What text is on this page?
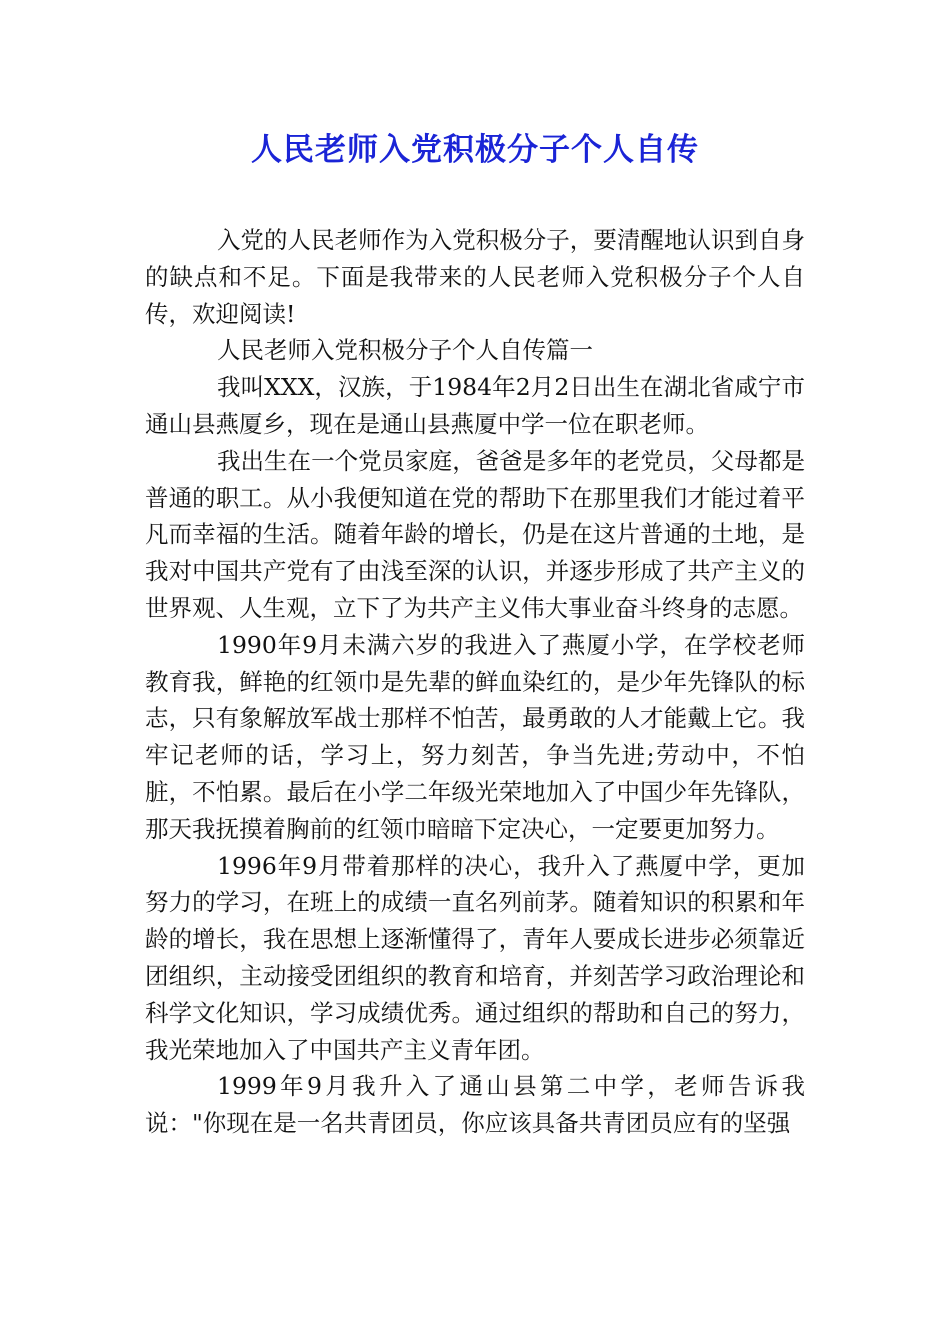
人民老师入党积极分子个人自传

入党的人民老师作为入党积极分子，要清醒地认识到自身的缺点和不足。下面是我带来的人民老师入党积极分子个人自传，欢迎阅读!

人民老师入党积极分子个人自传篇一

我叫XXX，汉族，于1984年2月2日出生在湖北省咸宁市通山县燕厦乡，现在是通山县燕厦中学一位在职老师。

我出生在一个党员家庭，爸爸是多年的老党员，父母都是普通的职工。从小我便知道在党的帮助下在那里我们才能过着平凡而幸福的生活。随着年龄的增长，仍是在这片普通的土地，是我对中国共产党有了由浅至深的认识，并逐步形成了共产主义的世界观、人生观，立下了为共产主义伟大事业奋斗终身的志愿。

1990年9月未满六岁的我进入了燕厦小学，在学校老师教育我，鲜艳的红领巾是先辈的鲜血染红的，是少年先锋队的标志，只有象解放军战士那样不怕苦，最勇敢的人才能戴上它。我牢记老师的话，学习上，努力刻苦，争当先进;劳动中，不怕脏，不怕累。最后在小学二年级光荣地加入了中国少年先锋队，那天我抚摸着胸前的红领巾暗暗下定决心，一定要更加努力。

1996年9月带着那样的决心，我升入了燕厦中学，更加努力的学习，在班上的成绩一直名列前茅。随着知识的积累和年龄的增长，我在思想上逐渐懂得了，青年人要成长进步必须靠近团组织，主动接受团组织的教育和培育，并刻苦学习政治理论和科学文化知识，学习成绩优秀。通过组织的帮助和自己的努力，我光荣地加入了中国共产主义青年团。

1999年9月我升入了通山县第二中学，老师告诉我说："你现在是一名共青团员，你应该具备共青团员应有的坚强
